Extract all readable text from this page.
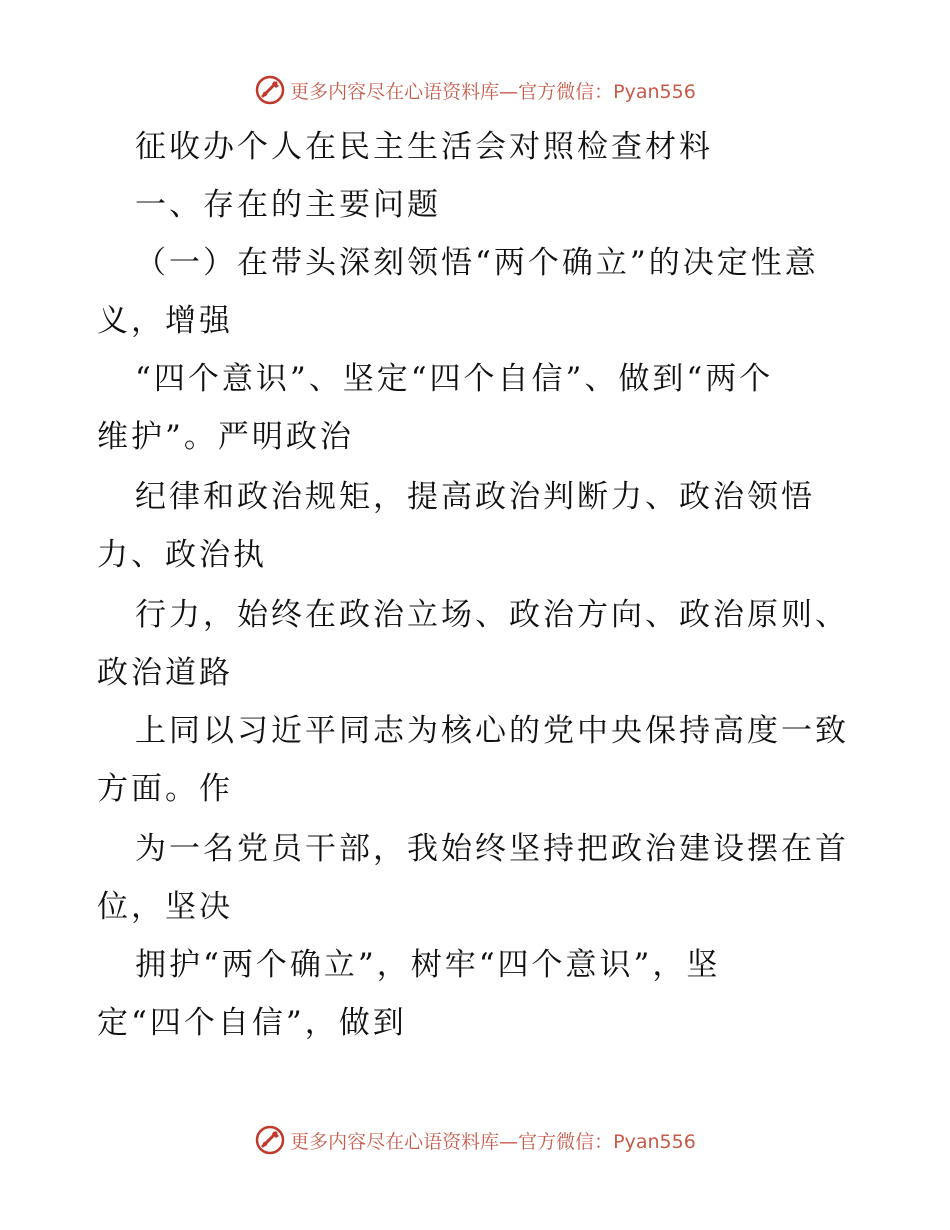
更多内容尽在心语资料库—官方微信：Pyan556
征收办个人在民主生活会对照检查材料
一、存在的主要问题
（一）在带头深刻领悟“两个确立”的决定性意
义，增强
“四个意识”、坚定“四个自信”、做到“两个
维护”。严明政治
纪律和政治规矩，提高政治判断力、政治领悟
力、政治执
行力，始终在政治立场、政治方向、政治原则、
政治道路
上同以习近平同志为核心的党中央保持高度一致
方面。作
为一名党员干部，我始终坚持把政治建设摆在首
位，坚决
拥护“两个确立”，树牢“四个意识”，坚
定“四个自信”，做到
更多内容尽在心语资料库—官方微信：Pyan556
